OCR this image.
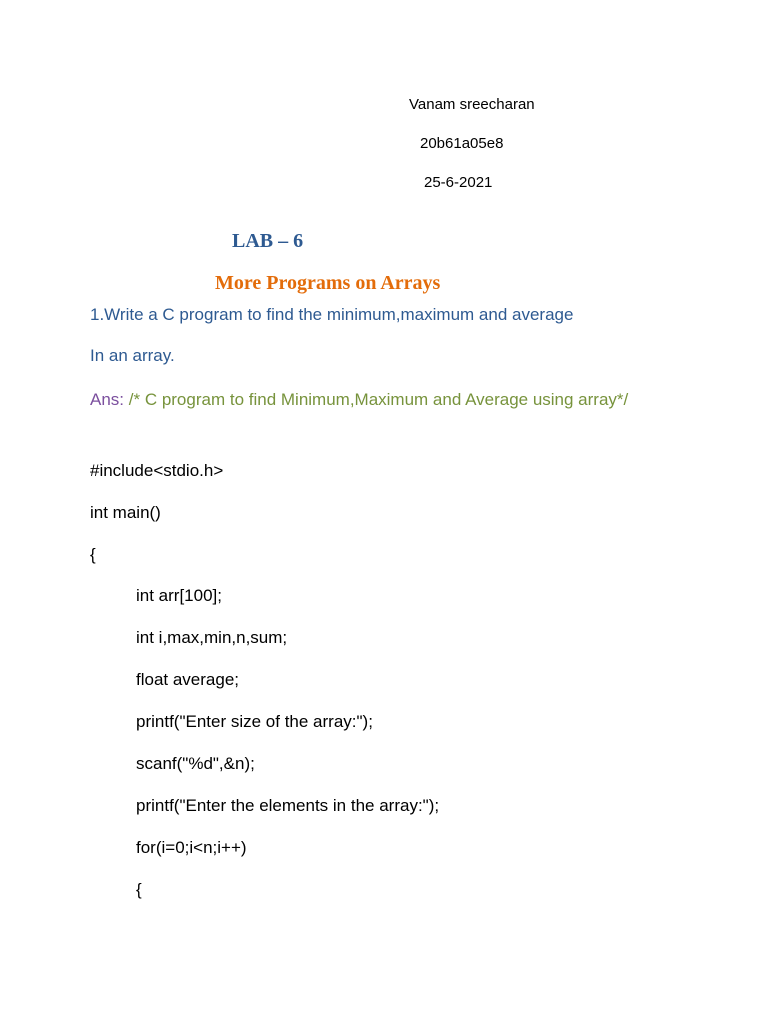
Vanam sreecharan
20b61a05e8
25-6-2021
LAB – 6
More Programs on Arrays
1.Write a C program to find the minimum,maximum and average
In an array.
Ans: /* C program to find Minimum,Maximum and Average using array*/
#include<stdio.h>
int main()
{
int arr[100];
int i,max,min,n,sum;
float average;
printf("Enter size of the array:");
scanf("%d",&n);
printf("Enter the elements in the array:");
for(i=0;i<n;i++)
{
